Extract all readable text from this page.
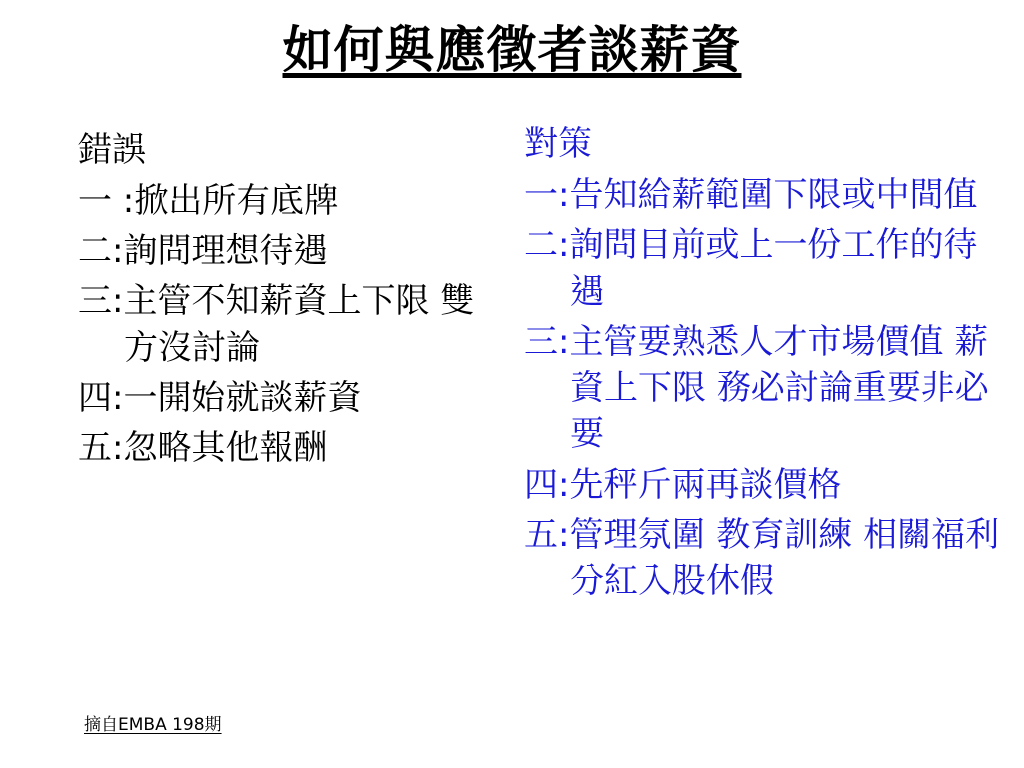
如何與應徵者談薪資
錯誤
一 :掀出所有底牌
二:詢問理想待遇
三:主管不知薪資上下限 雙方沒討論
四:一開始就談薪資
五:忽略其他報酬
對策
一:告知給薪範圍下限或中間值
二:詢問目前或上一份工作的待遇
三:主管要熟悉人才市場價值 薪資上下限 務必討論重要非必要
四:先秤斤兩再談價格
五:管理氛圍 教育訓練 相關福利 分紅入股休假
摘自EMBA 198期
